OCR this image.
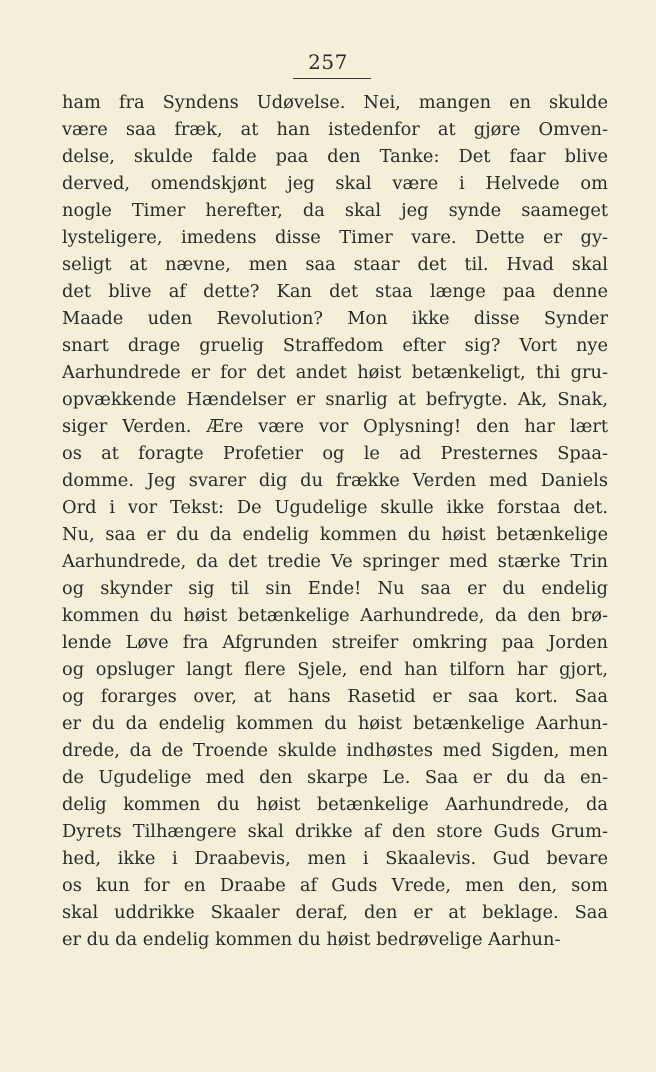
257
ham fra Syndens Udøvelse. Nei, mangen en skulde
være saa fræk, at han istedenfor at gjøre Omven-
delse, skulde falde paa den Tanke: Det faar blive
derved, omendskjønt jeg skal være i Helvede om
nogle Timer herefter, da skal jeg synde saameget
lysteligere, imedens disse Timer vare. Dette er gy-
seligt at nævne, men saa staar det til. Hvad skal
det blive af dette? Kan det staa længe paa denne
Maade uden Revolution? Mon ikke disse Synder
snart drage gruelig Straffedom efter sig? Vort nye
Aarhundrede er for det andet høist betænkeligt, thi gru-
opvækkende Hændelser er snarlig at befrygte. Ak, Snak,
siger Verden. Ære være vor Oplysning! den har lært
os at foragte Profetier og le ad Presternes Spaa-
domme. Jeg svarer dig du frække Verden med Daniels
Ord i vor Tekst: De Ugudelige skulle ikke forstaa det.
Nu, saa er du da endelig kommen du høist betænkelige
Aarhundrede, da det tredie Ve springer med stærke Trin
og skynder sig til sin Ende! Nu saa er du endelig
kommen du høist betænkelige Aarhundrede, da den brø-
lende Løve fra Afgrunden streifer omkring paa Jorden
og opsluger langt flere Sjele, end han tilforn har gjort,
og forarges over, at hans Rasetid er saa kort. Saa
er du da endelig kommen du høist betænkelige Aarhun-
drede, da de Troende skulde indhøstes med Sigden, men
de Ugudelige med den skarpe Le. Saa er du da en-
delig kommen du høist betænkelige Aarhundrede, da
Dyrets Tilhængere skal drikke af den store Guds Grum-
hed, ikke i Draabevis, men i Skaalevis. Gud bevare
os kun for en Draabe af Guds Vrede, men den, som
skal uddrikke Skaaler deraf, den er at beklage. Saa
er du da endelig kommen du høist bedrøvelige Aarhun-
